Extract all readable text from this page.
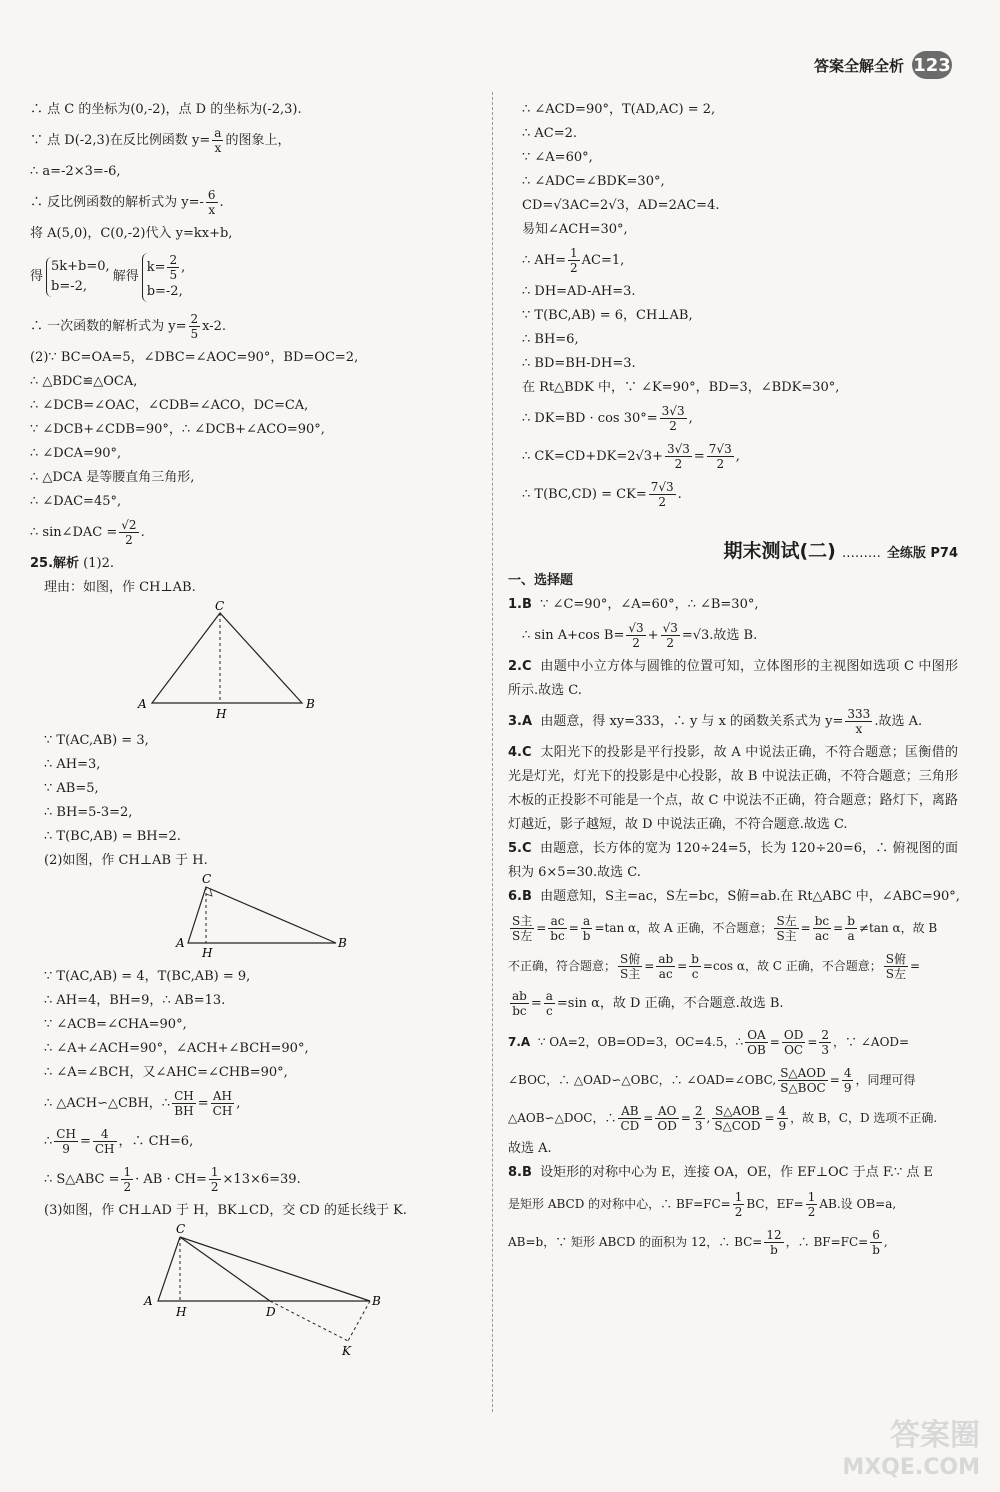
答案全解全析 123
∴ 点 C 的坐标为(0,-2)，点 D 的坐标为(-2,3).
∵ 点 D(-2,3)在反比例函数 $y= \frac{a}{x}$ 的图象上，
∴ a=-2×3=-6,
∴ 反比例函数的解析式为 $y=- \frac{6}{x}$ .
将 A(5,0)，C(0,-2)代入 y=kx+b,
得
5k+b=0,
b=-2,
解得
$k= \frac{2}{5}$ ,
b=-2,
∴ 一次函数的解析式为 $y= \frac{2}{5} x-2$.
(2)∵ BC=OA=5，∠DBC=∠AOC=90°，BD=OC=2,
∴ △BDC≌△OCA,
∴ ∠DCB=∠OAC，∠CDB=∠ACO，DC=CA,
∵ ∠DCB+∠CDB=90°，∴ ∠DCB+∠ACO=90°,
∴ ∠DCA=90°,
∴ △DCA 是等腰直角三角形,
∴ ∠DAC=45°,
∴ sin∠DAC = $\frac{√2}{2}$ .
25.解析 (1)2.
理由：如图，作 CH⊥AB.
C
A
H
B
∵ T(AC,AB) = 3,
∴ AH=3,
∵ AB=5,
∴ BH=5-3=2,
∴ T(BC,AB) = BH=2.
(2)如图，作 CH⊥AB 于 H.
C
A
H
B
∵ T(AC,AB) = 4，T(BC,AB) = 9,
∴ AH=4，BH=9，∴ AB=13.
∵ ∠ACB=∠CHA=90°,
∴ ∠A+∠ACH=90°，∠ACH+∠BCH=90°,
∴ ∠A=∠BCH，又∠AHC=∠CHB=90°,
∴ △ACH∽△CBH，∴ $\frac{CH}{BH} = \frac{AH}{CH}$ ,
∴ $\frac{CH}{9} = \frac{4}{CH}$ ，∴ CH=6,
∴ S△ABC = $\frac{1}{2}$ · AB · $CH= \frac{1}{2} \times 13\times 6=39$.
(3)如图，作 CH⊥AD 于 H，BK⊥CD，交 CD 的延长线于 K.
C
A
H	D
B
K
∴ ∠ACD=90°，T(AD,AC) = 2,
∴ AC=2.
∵ ∠A=60°,
∴ ∠ADC=∠BDK=30°,
CD=√3AC=2√3，AD=2AC=4.
易知∠ACH=30°,
∴ $AH= \frac{1}{2} AC=1$,
∴ DH=AD-AH=3.
∵ T(BC,AB) = 6，CH⊥AB,
∴ BH=6,
∴ BD=BH-DH=3.
在 Rt△BDK 中，∵ ∠K=90°，BD=3，∠BDK=30°,
∴ $DK=BD \cdot \cos 30^\circ= \frac{3√3}{2}$ ,
∴ $CK=CD+DK=2√3+ \frac{3√3}{2} = \frac{7√3}{2}$ ,
∴ $T(BC,CD) = CK= \frac{7√3}{2}$ .
期末测试(二) ……… 全练版 P74
一、选择题
1.B ∵ ∠C=90°，∠A=60°，∴ ∠B=30°,
∴ sin A+cos $B= \frac{√3}{2} + \frac{√3}{2} =√3$.故选 B.
2.C 由题中小立方体与圆锥的位置可知，立体图形的主视图如选项 C 中图形所示.故选 C.
3.A 由题意，得 xy=333，∴ y 与 x 的函数关系式为 $y= \frac{333}{x}$ .故选 A.
4.C 太阳光下的投影是平行投影，故 A 中说法正确，不符合题意；匡衡借的光是灯光，灯光下的投影是中心投影，故 B 中说法正确，不符合题意；三角形木板的正投影不可能是一个点，故 C 中说法不正确，符合题意；路灯下，离路灯越近，影子越短，故 D 中说法正确，不符合题意.故选 C.
5.C 由题意，长方体的宽为 120÷24=5，长为 120÷20=6，∴ 俯视图的面积为 6×5=30.故选 C.
6.B 由题意知，S主=ac，S左=bc，S俯=ab.在 Rt△ABC 中，∠ABC=90°,
$\frac{\text{S主}}{\text{S左}} = \frac{ac}{bc} = \frac{a}{b} =\tan$ α，故 A 正确，不合题意； $\frac{\text{S左}}{\text{S主}} = \frac{bc}{ac} = \frac{b}{a} \ne\tan$ α，故 B
不正确，符合题意； $\frac{\text{S俯}}{\text{S主}} = \frac{ab}{ac} = \frac{b}{c} =\cos$ α，故 C 正确，不合题意； $\frac{\text{S俯}}{\text{S左}}$ =
$\frac{ab}{bc} = \frac{a}{c} =\sin$ α，故 D 正确，不合题意.故选 B.
7.A ∵ OA=2，OB=OD=3，OC=4.5，∴ $\frac{OA}{OB} = \frac{OD}{OC} = \frac{2}{3}$ ，∵ ∠AOD=
∠BOC，∴ △OAD∽△OBC，∴ ∠OAD=∠OBC, $\frac{\text{S△AOD}}{\text{S△BOC}} = \frac{4}{9}$ ，同理可得
△AOB∽△DOC，∴ $\frac{AB}{CD} = \frac{AO}{OD} = \frac{2}{3}$ , $\frac{\text{S△AOB}}{\text{S△COD}} = \frac{4}{9}$ ，故 B，C，D 选项不正确.
故选 A.
8.B 设矩形的对称中心为 E，连接 OA，OE，作 EF⊥OC 于点 F.∵ 点 E
是矩形 ABCD 的对称中心，∴ $BF=FC= \frac{1}{2}$ BC，$EF= \frac{1}{2}$ AB.设 OB=a,
AB=b，∵ 矩形 ABCD 的面积为 12，∴ $BC= \frac{12}{b}$ ，∴ $BF=FC= \frac{6}{b}$ ,
答案圈
MXQE.COM
